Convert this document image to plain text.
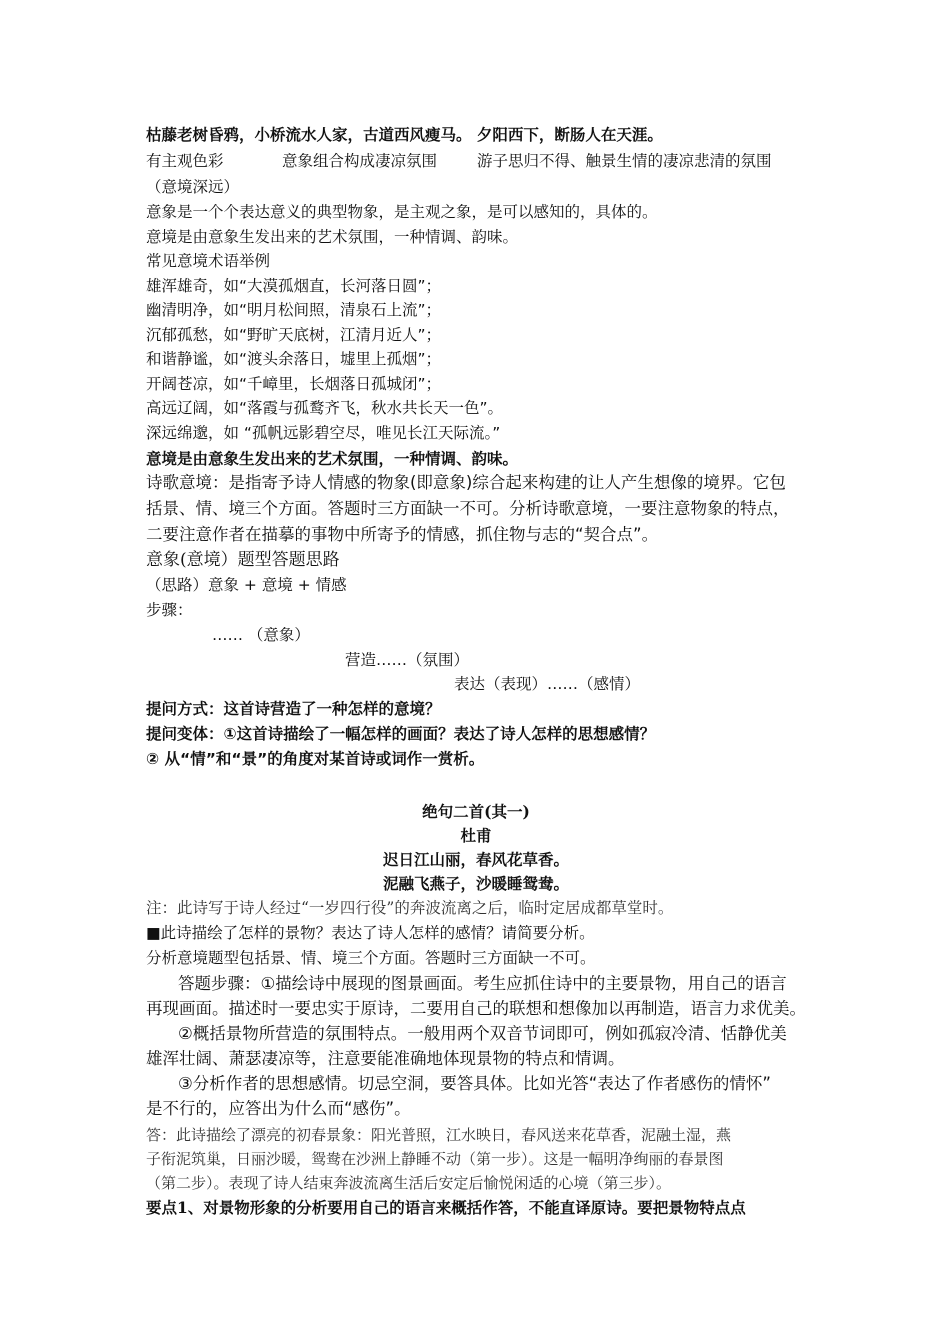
枯藤老树昏鸦，小桥流水人家，古道西风瘦马。 夕阳西下，断肠人在天涯。
有主观色彩	意象组合构成凄凉氛围	游子思归不得、触景生情的凄凉悲清的氛围
（意境深远）
意象是一个个表达意义的典型物象，是主观之象，是可以感知的，具体的。
意境是由意象生发出来的艺术氛围，一种情调、韵味。
常见意境术语举例
雄浑雄奇，如“大漠孤烟直，长河落日圆”；
幽清明净，如“明月松间照，清泉石上流”；
沉郁孤愁，如“野旷天底树，江清月近人”；
和谐静谧，如“渡头余落日，墟里上孤烟”；
开阔苍凉，如“千嶂里，长烟落日孤城闭”；
高远辽阔，如“落霞与孤鹜齐飞，秋水共长天一色”。
深远绵邈，如 “孤帆远影碧空尽，唯见长江天际流。”
意境是由意象生发出来的艺术氛围，一种情调、韵味。
诗歌意境：是指寄予诗人情感的物象(即意象)综合起来构建的让人产生想像的境界。它包
括景、情、境三个方面。答题时三方面缺一不可。分析诗歌意境，一要注意物象的特点，
二要注意作者在描摹的事物中所寄予的情感，抓住物与志的“契合点”。
意象(意境）题型答题思路
（思路）意象 + 意境 + 情感
步骤：
…… （意象）
营造……（氛围）
表达（表现）……（感情）
提问方式：这首诗营造了一种怎样的意境？
提问变体：①这首诗描绘了一幅怎样的画面？表达了诗人怎样的思想感情？
② 从“情”和“景”的角度对某首诗或词作一赏析。
绝句二首(其一)
杜甫
迟日江山丽，春风花草香。
泥融飞燕子，沙暖睡鸳鸯。
注：此诗写于诗人经过“一岁四行役”的奔波流离之后，临时定居成都草堂时。
■此诗描绘了怎样的景物？表达了诗人怎样的感情？请简要分析。
分析意境题型包括景、情、境三个方面。答题时三方面缺一不可。
答题步骤：①描绘诗中展现的图景画面。考生应抓住诗中的主要景物，用自己的语言
再现画面。描述时一要忠实于原诗，二要用自己的联想和想像加以再制造，语言力求优美。
②概括景物所营造的氛围特点。一般用两个双音节词即可，例如孤寂冷清、恬静优美
雄浑壮阔、萧瑟凄凉等，注意要能准确地体现景物的特点和情调。
③分析作者的思想感情。切忌空洞，要答具体。比如光答“表达了作者感伤的情怀”
是不行的，应答出为什么而“感伤”。
答：此诗描绘了漂亮的初春景象：阳光普照，江水映日，春风送来花草香，泥融土湿，燕
子衔泥筑巢，日丽沙暖，鸳鸯在沙洲上静睡不动（第一步）。这是一幅明净绚丽的春景图
（第二步）。表现了诗人结束奔波流离生活后安定后愉悦闲适的心境（第三步）。
要点1、对景物形象的分析要用自己的语言来概括作答，不能直译原诗。要把景物特点点
